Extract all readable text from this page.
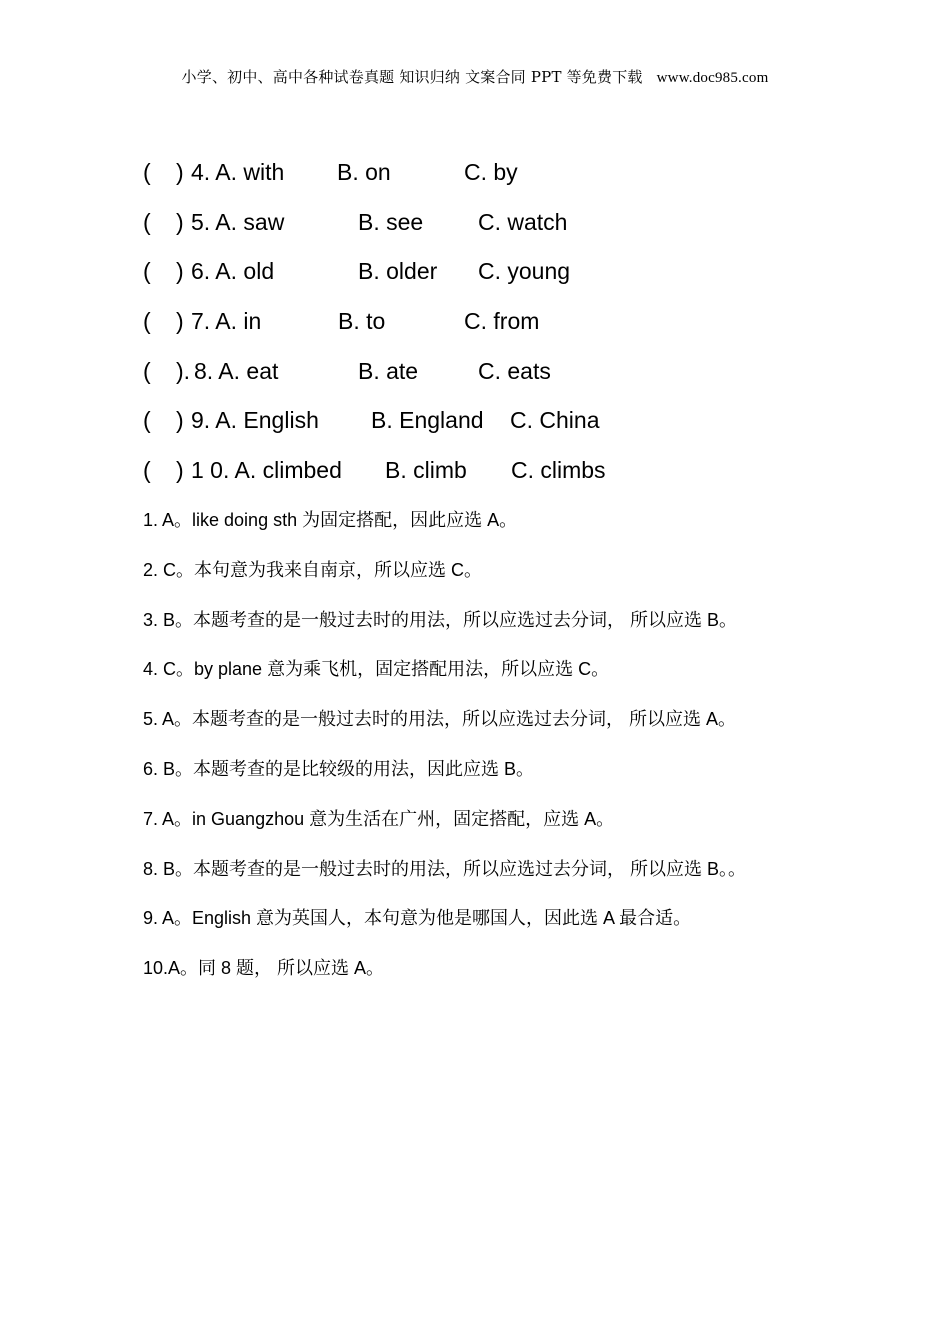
小学、初中、高中各种试卷真题 知识归纳 文案合同 PPT 等免费下载 www.doc985.com
( ) 4. A. with B. on	C. by
( ) 5. A. saw	B. see C. watch
( ) 6. A. old	B. older C. young
( ) 7. A. in	B. to	C. from
( ). 8. A. eat	B. ate	C. eats
( ) 9. A. English B. England C. China
( ) 1 0. A. climbed B. climb C. climbs
1. A。like doing sth 为固定搭配，因此应选 A。
2. C。本句意为我来自南京，所以应选 C。
3. B。本题考查的是一般过去时的用法，所以应选过去分词， 所以应选 B。
4. C。by plane 意为乘飞机，固定搭配用法，所以应选 C。
5. A。本题考查的是一般过去时的用法，所以应选过去分词， 所以应选 A。
6. B。本题考查的是比较级的用法，因此应选 B。
7. A。in Guangzhou 意为生活在广州，固定搭配，应选 A。
8. B。本题考查的是一般过去时的用法，所以应选过去分词， 所以应选 B。。
9. A。English 意为英国人，本句意为他是哪国人，因此选 A 最合适。
10.A。同 8 题， 所以应选 A。
